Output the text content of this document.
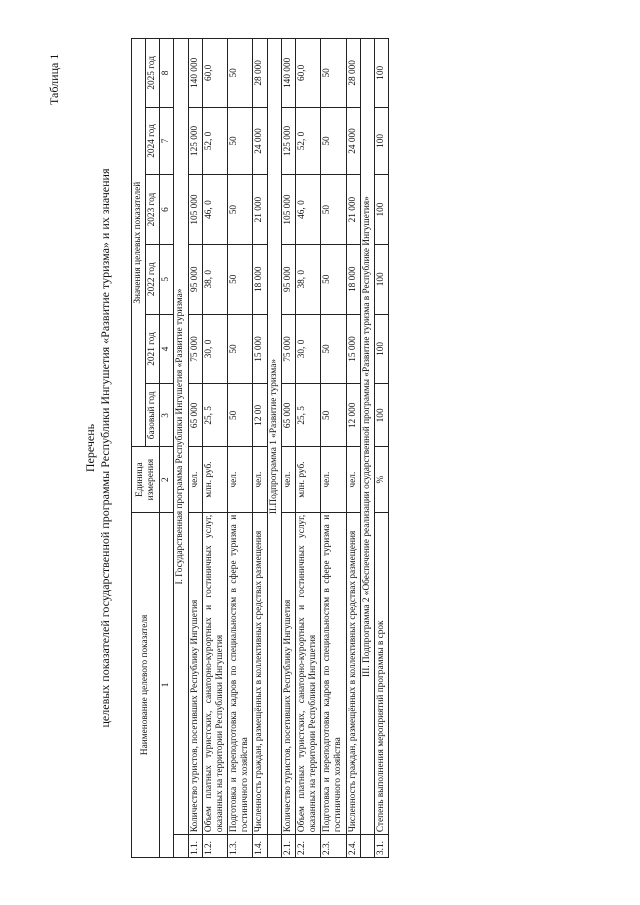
Таблица 1
Перечень целевых показателей государственной программы Республики Ингушетия «Развитие туризма» и их значения	Наименование целевого показателя		Единица измерения	Значения целевых показателей					
			базовый год	2021 год	2022 год	2023 год	2024 год	2025 год
1		2	3	4	5	6	7	8
	I. Государственная программа Республики Ингушетия «Развитие туризма»							
1.1.	Количество туристов, посетивших Республику Ингушетия	чел.	65 000	75 000	95 000	105 000	125 000	140 000
1.2.	Объем платных туристских, санаторно-курортных и гостиничных услуг, оказанных на территории Республики Ингушетия	млн. руб.	25, 5	30, 0	38, 0	46, 0	52, 0	60,0
1.3.	Подготовка и переподготовка кадров по специальностям в сфере туризма и гостиничного хозяйства	чел.	50	50	50	50	50	50
1.4.	Численность граждан, размещённых в коллективных средствах размещения	чел.	12 00	15 000	18 000	21 000	24 000	28 000
	II.Подпрограмма 1 «Развитие туризма»							
2.1.	Количество туристов, посетивших Республику Ингушетия	чел.	65 000	75 000	95 000	105 000	125 000	140 000
2.2.	Объем платных туристских, санаторно-курортных и гостиничных услуг, оказанных на территории Республики Ингушетия	млн. руб.	25, 5	30, 0	38, 0	46, 0	52, 0	60,0
2.3.	Подготовка и переподготовка кадров по специальностям в сфере туризма и гостиничного хозяйства	чел.	50	50	50	50	50	50
2.4.	Численность граждан, размещённых в коллективных средствах размещения	чел.	12 000	15 000	18 000	21 000	24 000	28 000
	III. Подпрограмма 2 «Обеспечение реализации осударственной программы «Развитие туризма в Республике Ингушетия»							
3.1.	Степень выполнения мероприятий программы в срок	%	100	100	100	100	100	100
